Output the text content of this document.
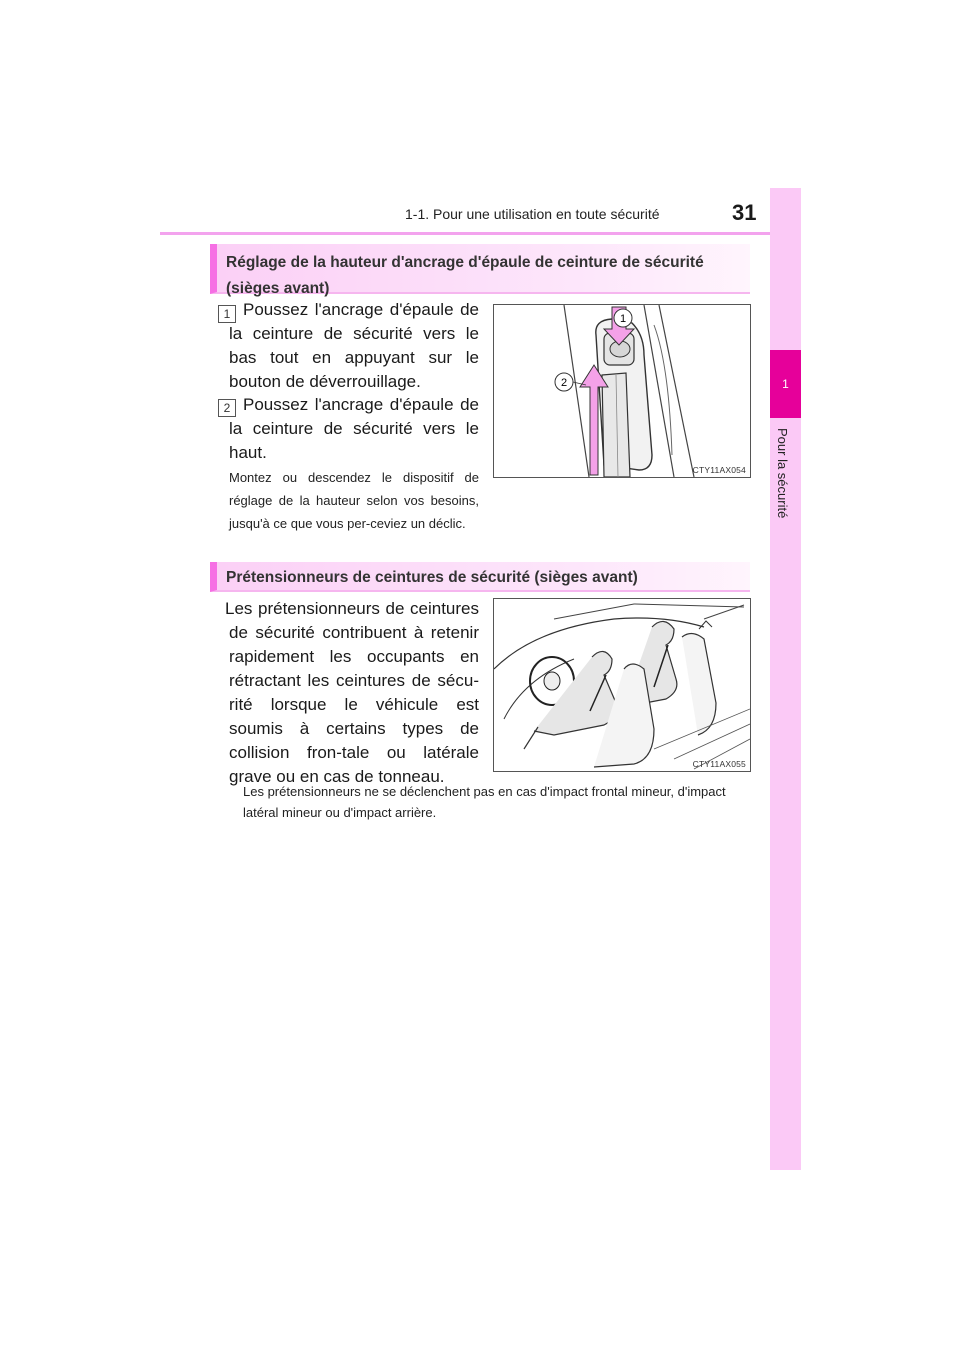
1-1. Pour une utilisation en toute sécurité	31
1
Pour la sécurité
Réglage de la hauteur d'ancrage d'épaule de ceinture de sécurité (sièges avant)
1 Poussez l'ancrage d'épaule de la ceinture de sécurité vers le bas tout en appuyant sur le bouton de déverrouillage.
2 Poussez l'ancrage d'épaule de la ceinture de sécurité vers le haut.
Montez ou descendez le dispositif de réglage de la hauteur selon vos besoins, jusqu'à ce que vous per-ceviez un déclic.
1
2
CTY11AX054
Prétensionneurs de ceintures de sécurité (sièges avant)
Les prétensionneurs de ceintures de sécurité contribuent à retenir rapidement les occupants en rétractant les ceintures de sécu-rité lorsque le véhicule est soumis à certains types de collision fron-tale ou latérale grave ou en cas de tonneau.
CTY11AX055
Les prétensionneurs ne se déclenchent pas en cas d'impact frontal mineur, d'impact latéral mineur ou d'impact arrière.
